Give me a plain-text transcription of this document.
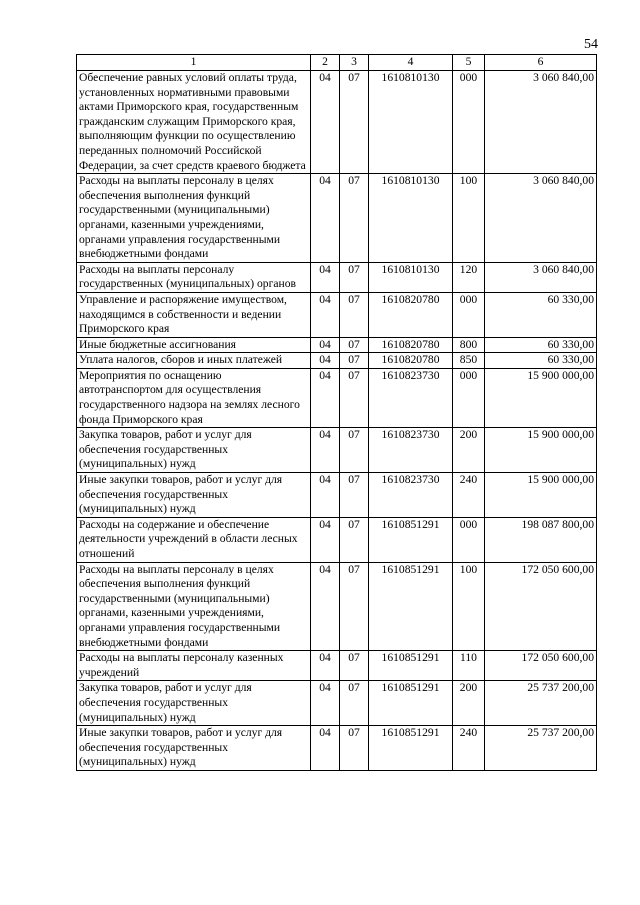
54
1	2	3	4	5	6
Обеспечение равных условий оплаты труда, установленных нормативными правовыми актами Приморского края, государственным гражданским служащим Приморского края, выполняющим функции по осуществлению переданных полномочий Российской Федерации, за счет средств краевого бюджета	04	07	1610810130	000	3 060 840,00
Расходы на выплаты персоналу в целях обеспечения выполнения функций государственными (муниципальными) органами, казенными учреждениями, органами управления государственными внебюджетными фондами	04	07	1610810130	100	3 060 840,00
Расходы на выплаты персоналу государственных (муниципальных) органов	04	07	1610810130	120	3 060 840,00
Управление и распоряжение имуществом, находящимся в собственности и ведении Приморского края	04	07	1610820780	000	60 330,00
Иные бюджетные ассигнования	04	07	1610820780	800	60 330,00
Уплата налогов, сборов и иных платежей	04	07	1610820780	850	60 330,00
Мероприятия по оснащению автотранспортом для осуществления государственного надзора на землях лесного фонда Приморского края	04	07	1610823730	000	15 900 000,00
Закупка товаров, работ и услуг для обеспечения государственных (муниципальных) нужд	04	07	1610823730	200	15 900 000,00
Иные закупки товаров, работ и услуг для обеспечения государственных (муниципальных) нужд	04	07	1610823730	240	15 900 000,00
Расходы на содержание и обеспечение деятельности учреждений в области лесных отношений	04	07	1610851291	000	198 087 800,00
Расходы на выплаты персоналу в целях обеспечения выполнения функций государственными (муниципальными) органами, казенными учреждениями, органами управления государственными внебюджетными фондами	04	07	1610851291	100	172 050 600,00
Расходы на выплаты персоналу казенных учреждений	04	07	1610851291	110	172 050 600,00
Закупка товаров, работ и услуг для обеспечения государственных (муниципальных) нужд	04	07	1610851291	200	25 737 200,00
Иные закупки товаров, работ и услуг для обеспечения государственных (муниципальных) нужд	04	07	1610851291	240	25 737 200,00
